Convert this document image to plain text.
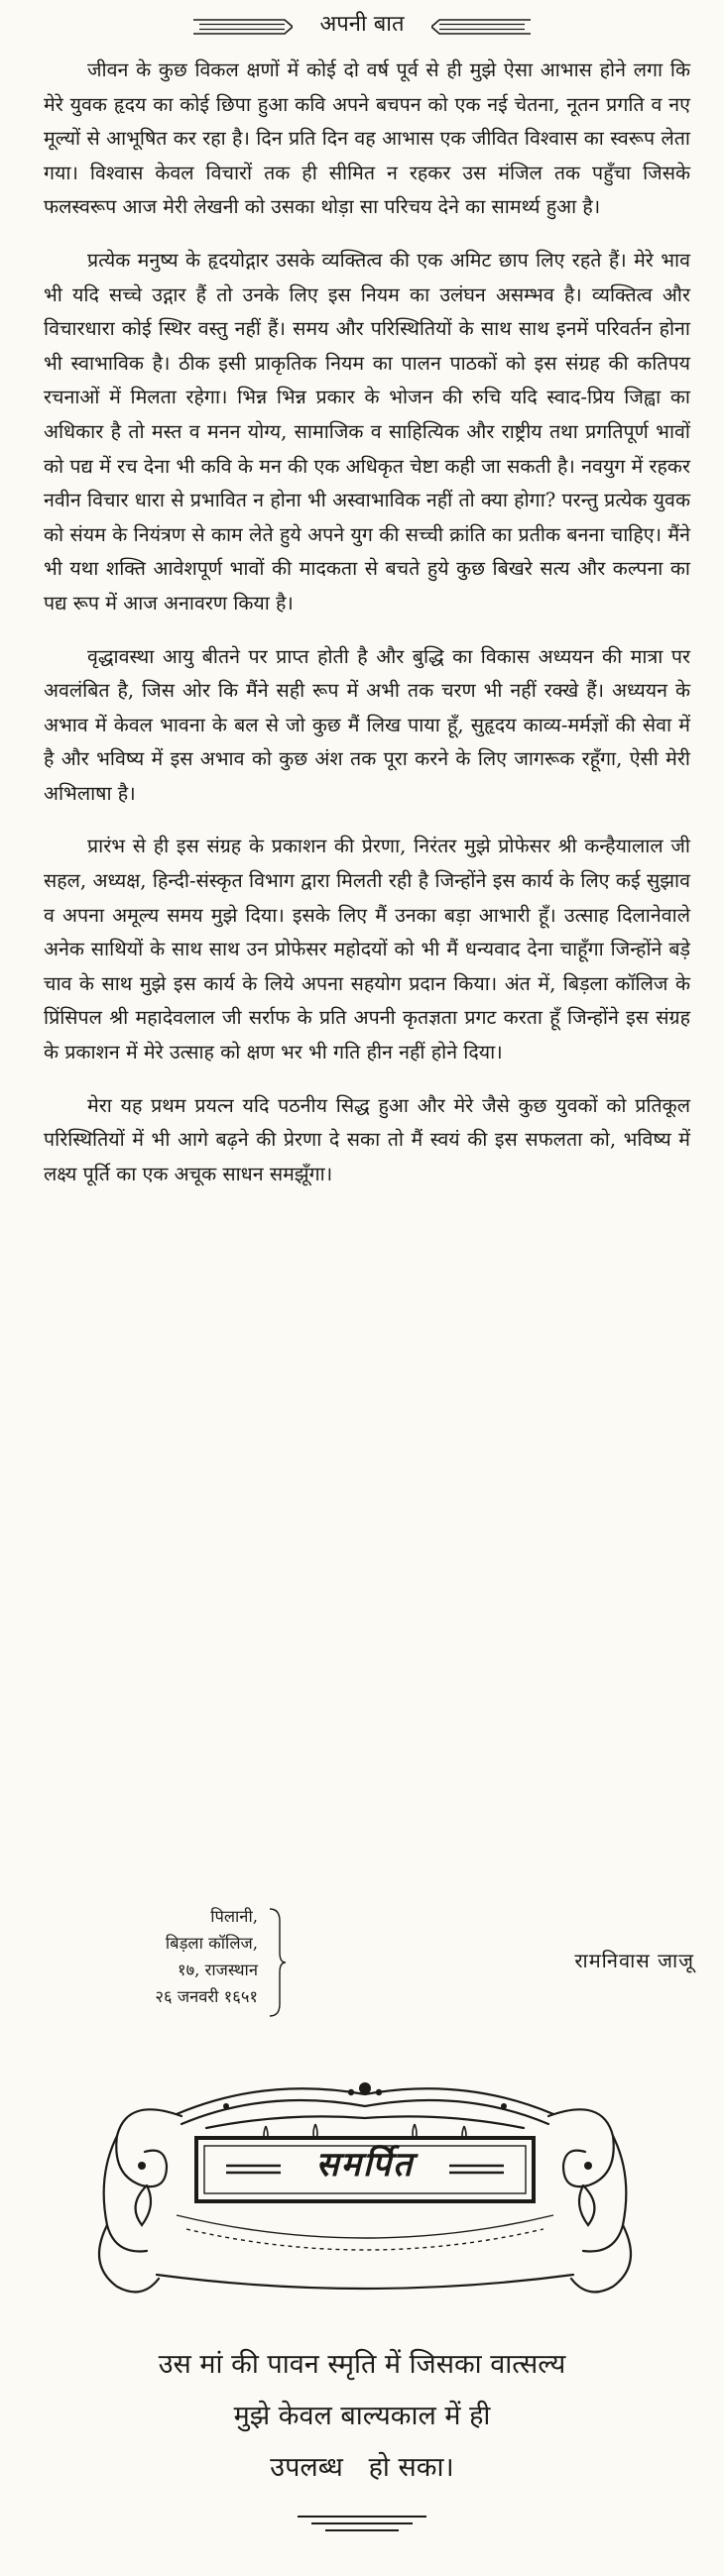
अपनी बात

जीवन के कुछ विकल क्षणों में कोई दो वर्ष पूर्व से ही मुझे ऐसा आभास होने लगा कि मेरे युवक हृदय का कोई छिपा हुआ कवि अपने बचपन को एक नई चेतना, नूतन प्रगति व नए मूल्यों से आभूषित कर रहा है। दिन प्रति दिन वह आभास एक जीवित विश्वास का स्वरूप लेता गया। विश्वास केवल विचारों तक ही सीमित न रहकर उस मंजिल तक पहुँचा जिसके फलस्वरूप आज मेरी लेखनी को उसका थोड़ा सा परिचय देने का सामर्थ्य हुआ है।

प्रत्येक मनुष्य के हृदयोद्गार उसके व्यक्तित्व की एक अमिट छाप लिए रहते हैं। मेरे भाव भी यदि सच्चे उद्गार हैं तो उनके लिए इस नियम का उलंघन असम्भव है। व्यक्तित्व और विचारधारा कोई स्थिर वस्तु नहीं हैं। समय और परिस्थितियों के साथ साथ इनमें परिवर्तन होना भी स्वाभाविक है। ठीक इसी प्राकृतिक नियम का पालन पाठकों को इस संग्रह की कतिपय रचनाओं में मिलता रहेगा। भिन्न भिन्न प्रकार के भोजन की रुचि यदि स्वाद-प्रिय जिह्वा का अधिकार है तो मस्त व मनन योग्य, सामाजिक व साहित्यिक और राष्ट्रीय तथा प्रगतिपूर्ण भावों को पद्य में रच देना भी कवि के मन की एक अधिकृत चेष्टा कही जा सकती है। नवयुग में रहकर नवीन विचार धारा से प्रभावित न होना भी अस्वाभाविक नहीं तो क्या होगा? परन्तु प्रत्येक युवक को संयम के नियंत्रण से काम लेते हुये अपने युग की सच्ची क्रांति का प्रतीक बनना चाहिए। मैंने भी यथा शक्ति आवेशपूर्ण भावों की मादकता से बचते हुये कुछ बिखरे सत्य और कल्पना का पद्य रूप में आज अनावरण किया है।

वृद्धावस्था आयु बीतने पर प्राप्त होती है और बुद्धि का विकास अध्ययन की मात्रा पर अवलंबित है, जिस ओर कि मैंने सही रूप में अभी तक चरण भी नहीं रक्खे हैं। अध्ययन के अभाव में केवल भावना के बल से जो कुछ मैं लिख पाया हूँ, सुहृदय काव्य-मर्मज्ञों की सेवा में है और भविष्य में इस अभाव को कुछ अंश तक पूरा करने के लिए जागरूक रहूँगा, ऐसी मेरी अभिलाषा है।

प्रारंभ से ही इस संग्रह के प्रकाशन की प्रेरणा, निरंतर मुझे प्रोफेसर श्री कन्हैयालाल जी सहल, अध्यक्ष, हिन्दी-संस्कृत विभाग द्वारा मिलती रही है जिन्होंने इस कार्य के लिए कई सुझाव व अपना अमूल्य समय मुझे दिया। इसके लिए मैं उनका बड़ा आभारी हूँ। उत्साह दिलानेवाले अनेक साथियों के साथ साथ उन प्रोफेसर महोदयों को भी मैं धन्यवाद देना चाहूँगा जिन्होंने बड़े चाव के साथ मुझे इस कार्य के लिये अपना सहयोग प्रदान किया। अंत में, बिड़ला कॉलिज के प्रिंसिपल श्री महादेवलाल जी सर्राफ के प्रति अपनी कृतज्ञता प्रगट करता हूँ जिन्होंने इस संग्रह के प्रकाशन में मेरे उत्साह को क्षण भर भी गति हीन नहीं होने दिया।

मेरा यह प्रथम प्रयत्न यदि पठनीय सिद्ध हुआ और मेरे जैसे कुछ युवकों को प्रतिकूल परिस्थितियों में भी आगे बढ़ने की प्रेरणा दे सका तो मैं स्वयं की इस सफलता को, भविष्य में लक्ष्य पूर्ति का एक अचूक साधन समझूँगा।

पिलानी,
बिड़ला कॉलिज,
१७, राजस्थान
२६ जनवरी १६५१
रामनिवास जाजू
समर्पित
उस मां की पावन स्मृति में जिसका वात्सल्य
मुझे केवल बाल्यकाल में ही
उपलब्ध   हो सका।
